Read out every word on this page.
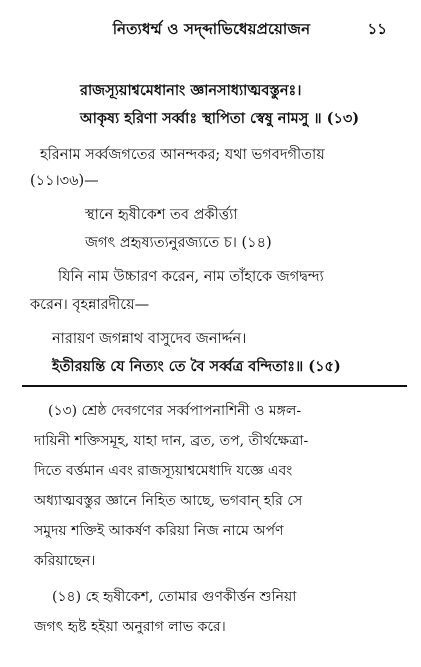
নিত্যধর্ম্ম ও সদ্ব্দাভিধেয়প্রয়োজন	১১
রাজস্যূয়াশ্বমেধানাং জ্ঞানসাধ্যাত্মবস্তুনঃ।
আকৃষ্য হরিণা সর্ব্বাঃ স্থাপিতা স্বেষু নামসু ॥ (১৩)
হরিনাম সর্ব্বজগতের আনন্দকর; যথা ভগবদগীতায়
(১১।৩৬)—
স্থানে হৃষীকেশ তব প্রকীর্ত্ত্যা
জগৎ প্রহৃষ্যত্যনুরজ্যতে চ। (১৪)
যিনি নাম উচ্চারণ করেন, নাম তাঁহাকে জগদ্বন্দ্য
করেন। বৃহন্নারদীয়ে—
নারায়ণ জগন্নাথ বাসুদেব জনার্দ্দন।
ইতীরয়ন্তি যে নিত্যং তে বৈ সর্ব্বত্র বন্দিতাঃ॥ (১৫)
(১৩) শ্রেষ্ঠ দেবগণের সর্ব্বপাপনাশিনী ও মঙ্গল-
দায়িনী শক্তিসমূহ, যাহা দান, ব্রত, তপ, তীর্থক্ষেত্রা-
দিতে বর্ত্তমান এবং রাজস্যূয়াশ্বমেধাদি যজ্ঞে এবং
অধ্যাত্মবস্তুর জ্ঞানে নিহিত আছে, ভগবান্ হরি সে
সমুদয় শক্তিই আকর্ষণ করিয়া নিজ নামে অর্পণ
করিয়াছেন।
(১৪) হে হৃষীকেশ, তোমার গুণকীর্ত্তন শুনিয়া
জগৎ হৃষ্ট হইয়া অনুরাগ লাভ করে।
